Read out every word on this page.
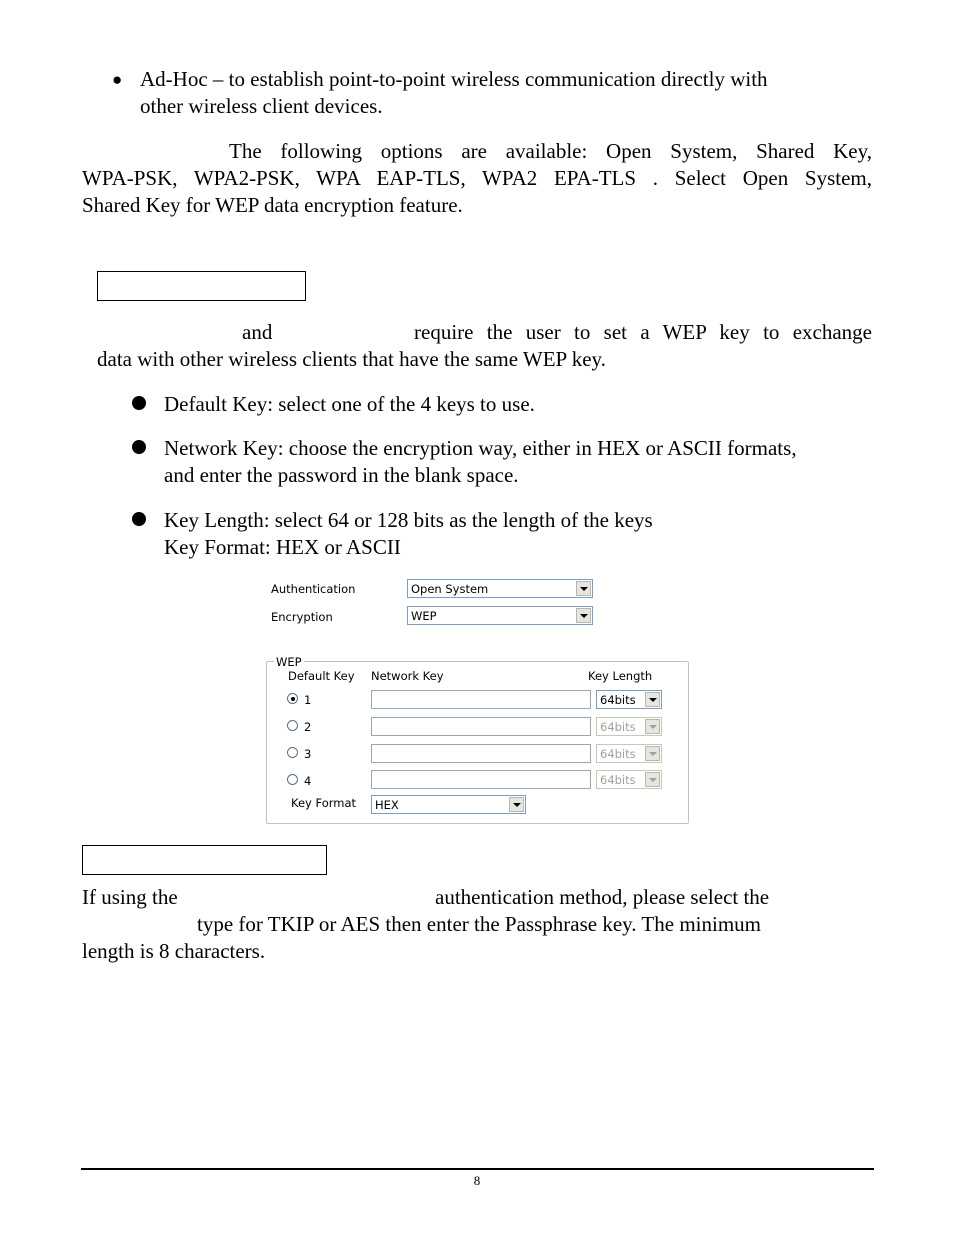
● Ad-Hoc – to establish point-to-point wireless communication directly with
other wireless client devices.
The following options are available: Open System, Shared Key,
WPA-PSK, WPA2-PSK, WPA EAP-TLS, WPA2 EPA-TLS . Select Open System,
Shared Key for WEP data encryption feature.
and	require the user to set a WEP key to exchange
data with other wireless clients that have the same WEP key.
Default Key: select one of the 4 keys to use.
Network Key: choose the encryption way, either in HEX or ASCII formats,
and enter the password in the blank space.
Key Length: select 64 or 128 bits as the length of the keys
Key Format: HEX or ASCII
Authentication	Open System
Encryption	WEP
WEP
Default Key Network Key	Key Length
1	64bits
2	64bits
3	64bits
4	64bits
Key Format HEX
If using the	authentication method, please select the
type for TKIP or AES then enter the Passphrase key. The minimum
length is 8 characters.
8
